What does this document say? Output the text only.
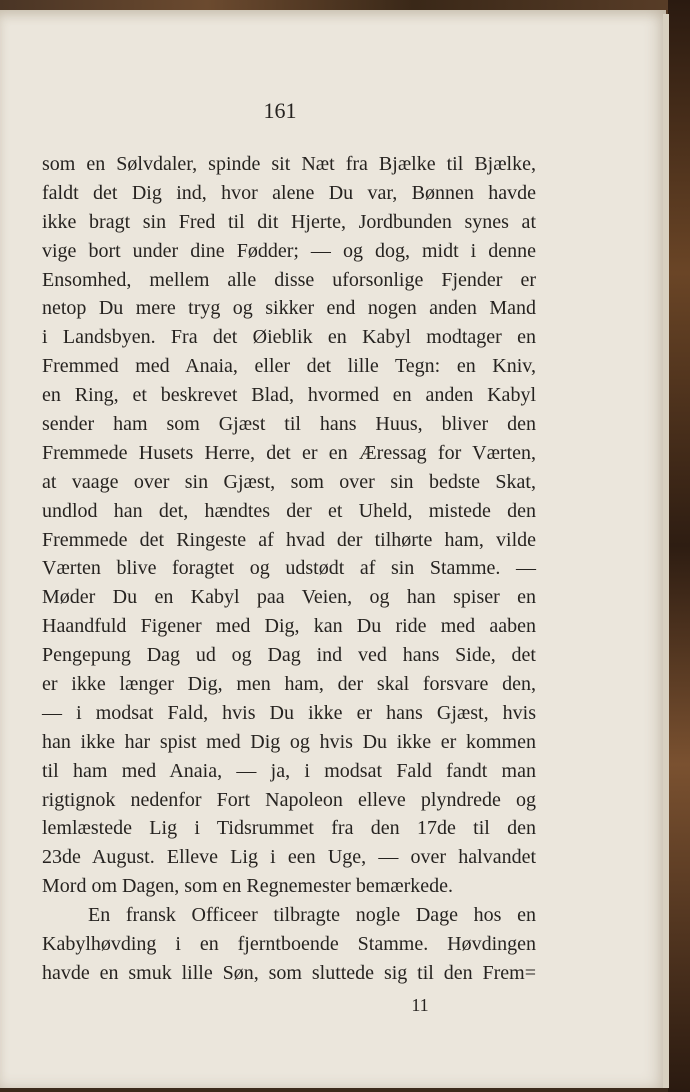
161
som en Sølvdaler, spinde sit Næt fra Bjælke til Bjælke,
faldt det Dig ind, hvor alene Du var, Bønnen havde
ikke bragt sin Fred til dit Hjerte, Jordbunden synes at
vige bort under dine Fødder; — og dog, midt i denne
Ensomhed, mellem alle disse uforsonlige Fjender er
netop Du mere tryg og sikker end nogen anden Mand
i Landsbyen. Fra det Øieblik en Kabyl modtager en
Fremmed med Anaia, eller det lille Tegn: en Kniv,
en Ring, et beskrevet Blad, hvormed en anden Kabyl
sender ham som Gjæst til hans Huus, bliver den
Fremmede Husets Herre, det er en Æressag for Værten,
at vaage over sin Gjæst, som over sin bedste Skat,
undlod han det, hændtes der et Uheld, mistede den
Fremmede det Ringeste af hvad der tilhørte ham, vilde
Værten blive foragtet og udstødt af sin Stamme. —
Møder Du en Kabyl paa Veien, og han spiser en
Haandfuld Figener med Dig, kan Du ride med aaben
Pengepung Dag ud og Dag ind ved hans Side, det
er ikke længer Dig, men ham, der skal forsvare den,
— i modsat Fald, hvis Du ikke er hans Gjæst, hvis
han ikke har spist med Dig og hvis Du ikke er kommen
til ham med Anaia, — ja, i modsat Fald fandt man
rigtignok nedenfor Fort Napoleon elleve plyndrede og
lemlæstede Lig i Tidsrummet fra den 17de til den
23de August. Elleve Lig i een Uge, — over halvandet
Mord om Dagen, som en Regnemester bemærkede.
En fransk Officeer tilbragte nogle Dage hos en
Kabylhøvding i en fjerntboende Stamme. Høvdingen
havde en smuk lille Søn, som sluttede sig til den Frem=
11
